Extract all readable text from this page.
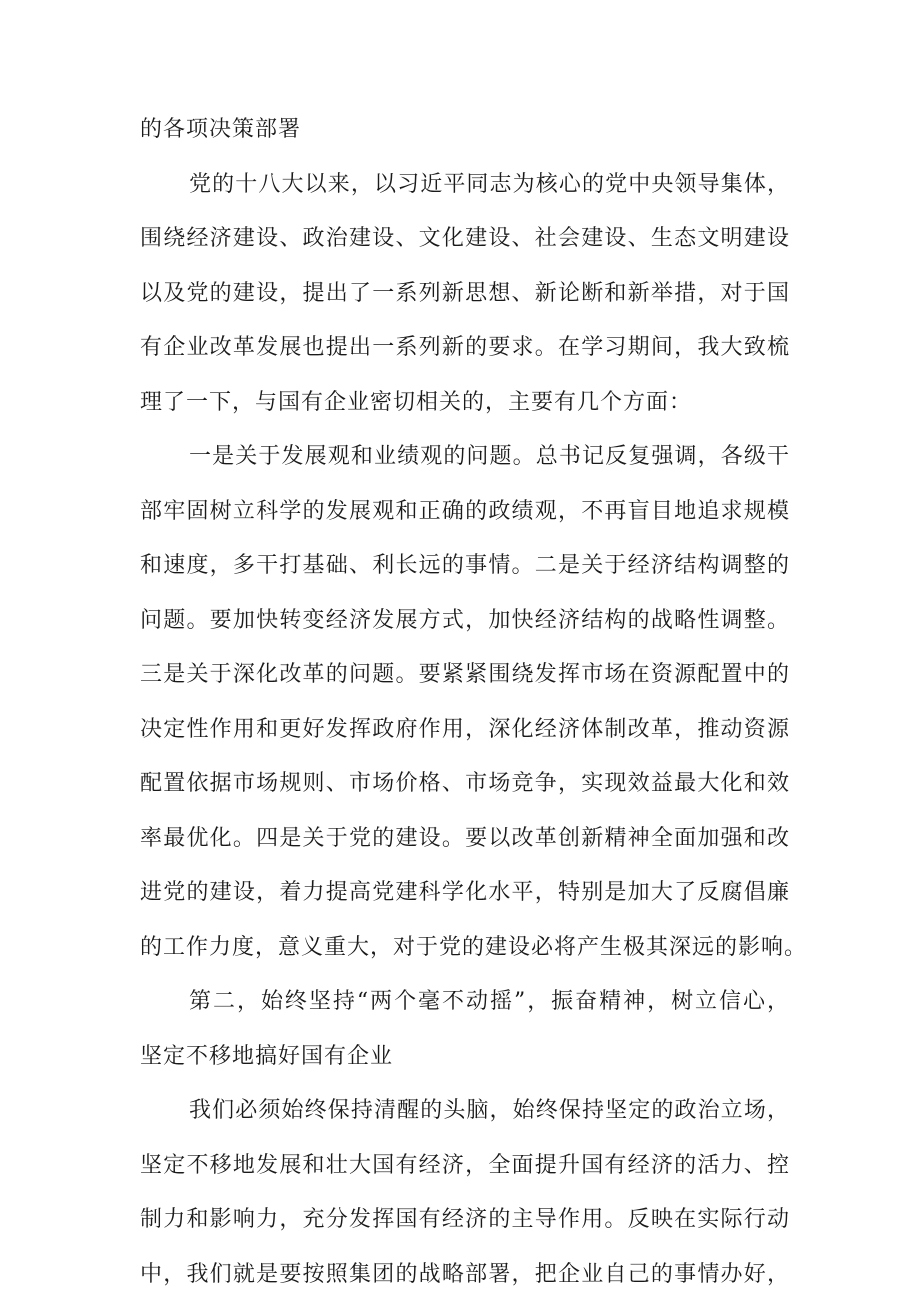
的各项决策部署
党的十八大以来，以习近平同志为核心的党中央领导集体，
围绕经济建设、政治建设、文化建设、社会建设、生态文明建设
以及党的建设，提出了一系列新思想、新论断和新举措，对于国
有企业改革发展也提出一系列新的要求。在学习期间，我大致梳
理了一下，与国有企业密切相关的，主要有几个方面：
一是关于发展观和业绩观的问题。总书记反复强调，各级干
部牢固树立科学的发展观和正确的政绩观，不再盲目地追求规模
和速度，多干打基础、利长远的事情。二是关于经济结构调整的
问题。要加快转变经济发展方式，加快经济结构的战略性调整。
三是关于深化改革的问题。要紧紧围绕发挥市场在资源配置中的
决定性作用和更好发挥政府作用，深化经济体制改革，推动资源
配置依据市场规则、市场价格、市场竞争，实现效益最大化和效
率最优化。四是关于党的建设。要以改革创新精神全面加强和改
进党的建设，着力提高党建科学化水平，特别是加大了反腐倡廉
的工作力度，意义重大，对于党的建设必将产生极其深远的影响。
第二，始终坚持“两个毫不动摇”，振奋精神，树立信心，
坚定不移地搞好国有企业
我们必须始终保持清醒的头脑，始终保持坚定的政治立场，
坚定不移地发展和壮大国有经济，全面提升国有经济的活力、控
制力和影响力，充分发挥国有经济的主导作用。反映在实际行动
中，我们就是要按照集团的战略部署，把企业自己的事情办好，
